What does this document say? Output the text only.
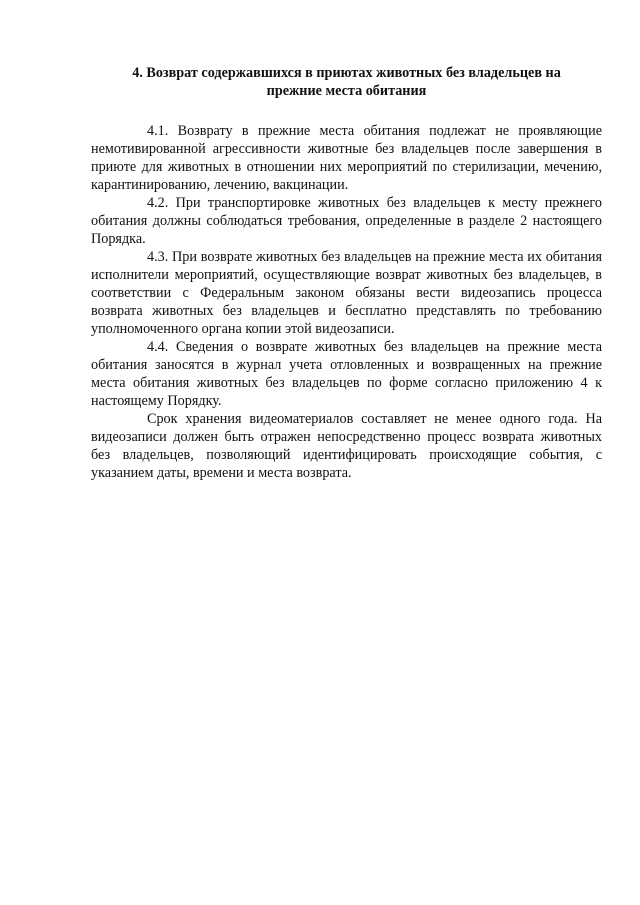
4. Возврат содержавшихся в приютах животных без владельцев на
прежние места обитания

4.1. Возврату в прежние места обитания подлежат не проявляющие немотивированной агрессивности животные без владельцев после завершения в приюте для животных в отношении них мероприятий по стерилизации, мечению, карантинированию, лечению, вакцинации.

4.2. При транспортировке животных без владельцев к месту прежнего обитания должны соблюдаться требования, определенные в разделе 2 настоящего Порядка.

4.3. При возврате животных без владельцев на прежние места их обитания исполнители мероприятий, осуществляющие возврат животных без владельцев, в соответствии с Федеральным законом обязаны вести видеозапись процесса возврата животных без владельцев и бесплатно представлять по требованию уполномоченного органа копии этой видеозаписи.

4.4. Сведения о возврате животных без владельцев на прежние места обитания заносятся в журнал учета отловленных и возвращенных на прежние места обитания животных без владельцев по форме согласно приложению 4 к настоящему Порядку.

Срок хранения видеоматериалов составляет не менее одного года. На видеозаписи должен быть отражен непосредственно процесс возврата животных без владельцев, позволяющий идентифицировать происходящие события, с указанием даты, времени и места возврата.
